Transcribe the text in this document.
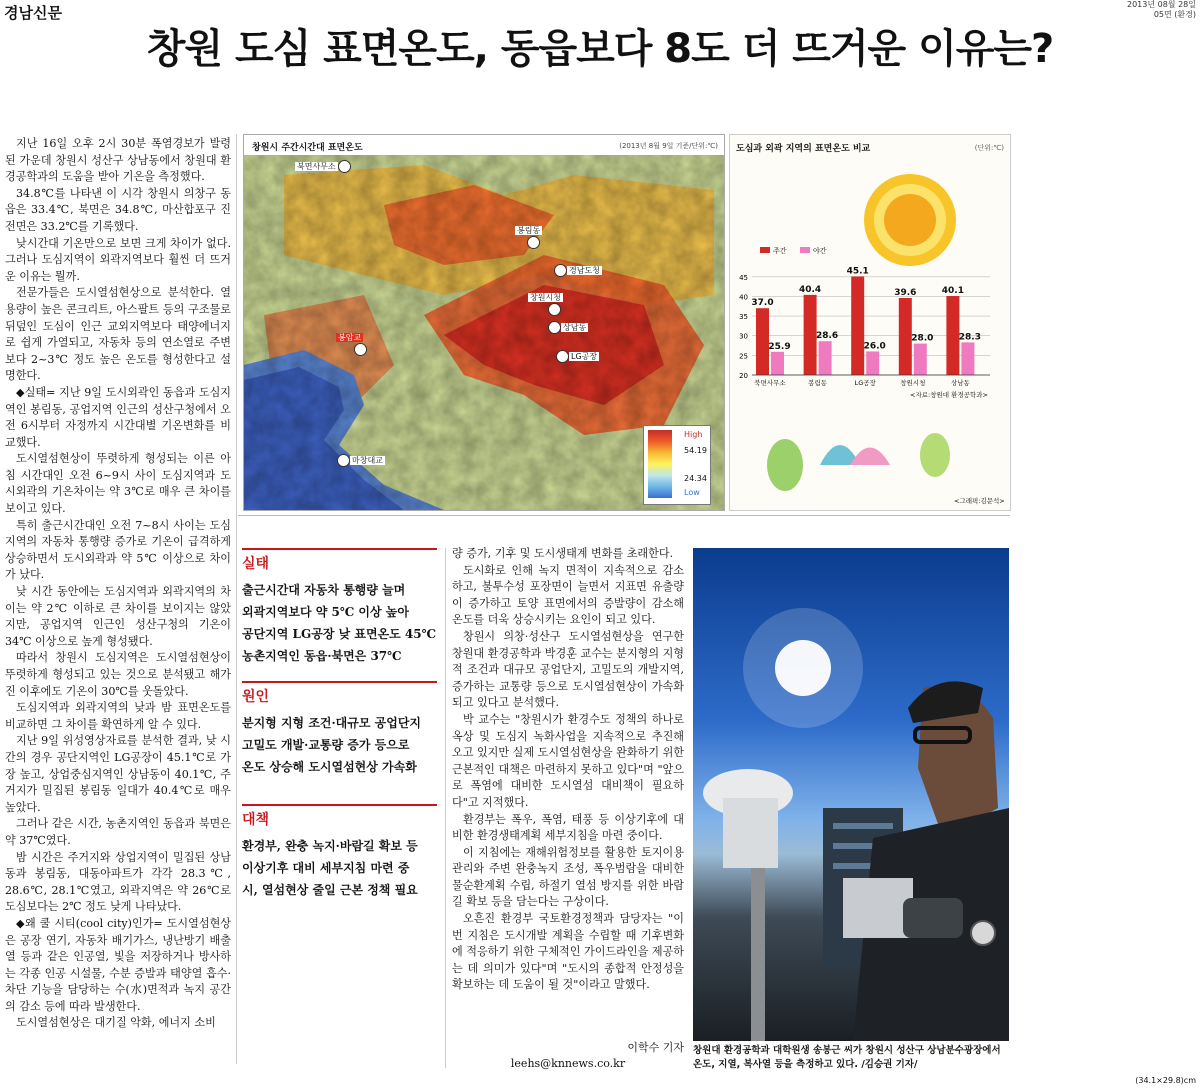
경남신문	2013년 08월 28일
05면 (환경)
창원 도심 표면온도, 동읍보다 8도 더 뜨거운 이유는?

지난 16일 오후 2시 30분 폭염경보가 발령된 가운데 창원시 성산구 상남동에서 창원대 환경공학과의 도움을 받아 기온을 측정했다.

34.8℃를 나타낸 이 시각 창원시 의창구 동읍은 33.4℃, 북면은 34.8℃, 마산합포구 진전면은 33.2℃를 기록했다.

낮시간대 기온만으로 보면 크게 차이가 없다. 그러나 도심지역이 외곽지역보다 훨씬 더 뜨거운 이유는 뭘까.

전문가들은 도시열섬현상으로 분석한다. 열용량이 높은 콘크리트, 아스팔트 등의 구조물로 뒤덮인 도심이 인근 교외지역보다 태양에너지로 쉽게 가열되고, 자동차 등의 연소열로 주변보다 2~3℃ 정도 높은 온도를 형성한다고 설명한다.

◆실태= 지난 9일 도시외곽인 동읍과 도심지역인 봉림동, 공업지역 인근의 성산구청에서 오전 6시부터 자정까지 시간대별 기온변화를 비교했다.

도시열섬현상이 뚜렷하게 형성되는 이른 아침 시간대인 오전 6~9시 사이 도심지역과 도시외곽의 기온차이는 약 3℃로 매우 큰 차이를 보이고 있다.

특히 출근시간대인 오전 7~8시 사이는 도심지역의 자동차 통행량 증가로 기온이 급격하게 상승하면서 도시외곽과 약 5℃ 이상으로 차이가 났다.

낮 시간 동안에는 도심지역과 외곽지역의 차이는 약 2℃ 이하로 큰 차이를 보이지는 않았지만, 공업지역 인근인 성산구청의 기온이 34℃ 이상으로 높게 형성됐다.

따라서 창원시 도심지역은 도시열섬현상이 뚜렷하게 형성되고 있는 것으로 분석됐고 해가 진 이후에도 기온이 30℃를 웃돌았다.

도심지역과 외곽지역의 낮과 밤 표면온도를 비교하면 그 차이를 확연하게 알 수 있다.

지난 9일 위성영상자료를 분석한 결과, 낮 시간의 경우 공단지역인 LG공장이 45.1℃로 가장 높고, 상업중심지역인 상남동이 40.1℃, 주거지가 밀집된 봉림동 일대가 40.4℃로 매우 높았다.

그러나 같은 시간, 농촌지역인 동읍과 북면은 약 37℃였다.

밤 시간은 주거지와 상업지역이 밀집된 상남동과 봉림동, 대동아파트가 각각 28.3℃, 28.6℃, 28.1℃였고, 외곽지역은 약 26℃로 도심보다는 2℃ 정도 낮게 나타났다.

◆왜 쿨 시티(cool city)인가= 도시열섬현상은 공장 연기, 자동차 배기가스, 냉난방기 배출열 등과 같은 인공열, 빛을 저장하거나 방사하는 각종 인공 시설물, 수분 증발과 태양열 흡수·차단 기능을 담당하는 수(水)면적과 녹지 공간의 감소 등에 따라 발생한다.

도시열섬현상은 대기질 악화, 에너지 소비

창원시 주간시간대 표면온도	(2013년 8월 9일 기준/단위:℃)
북면사무소
봉림동

경남도청
창원시청

상남동
LG공장
봉암교

마창대교
High
54.19
24.34
Low
도심과 외곽 지역의 표면온도 비교	(단위:℃)
20
25
30
35
40
45
37.0
25.9
북면사무소
40.4
28.6
봉림동
45.1
26.0
LG공장
39.6
28.0
창원시청
40.1
28.3
상남동
주간	야간
<자료:창원대 환경공학과>
<그래픽:김문석>
실태
출근시간대 자동차 통행량 늘며
외곽지역보다 약 5℃ 이상 높아
공단지역 LG공장 낮 표면온도 45℃
농촌지역인 동읍·북면은 37℃
원인
분지형 지형 조건·대규모 공업단지
고밀도 개발·교통량 증가 등으로
온도 상승해 도시열섬현상 가속화
대책
환경부, 완충 녹지·바람길 확보 등
이상기후 대비 세부지침 마련 중
시, 열섬현상 줄일 근본 정책 필요

량 증가, 기후 및 도시생태계 변화를 초래한다.

도시화로 인해 녹지 면적이 지속적으로 감소하고, 불투수성 포장면이 늘면서 지표면 유출량이 증가하고 토양 표면에서의 증발량이 감소해 온도를 더욱 상승시키는 요인이 되고 있다.

창원시 의창·성산구 도시열섬현상을 연구한 창원대 환경공학과 박경훈 교수는 분지형의 지형적 조건과 대규모 공업단지, 고밀도의 개발지역, 증가하는 교통량 등으로 도시열섬현상이 가속화되고 있다고 분석했다.

박 교수는 "창원시가 환경수도 정책의 하나로 옥상 및 도심지 녹화사업을 지속적으로 추진해 오고 있지만 실제 도시열섬현상을 완화하기 위한 근본적인 대책은 마련하지 못하고 있다"며 "앞으로 폭염에 대비한 도시열섬 대비책이 필요하다"고 지적했다.

환경부는 폭우, 폭염, 태풍 등 이상기후에 대비한 환경생태계획 세부지침을 마련 중이다.

이 지침에는 재해위험정보를 활용한 토지이용관리와 주변 완충녹지 조성, 폭우범람을 대비한 물순환계획 수립, 하절기 열섬 방지를 위한 바람길 확보 등을 담는다는 구상이다.

오흔진 환경부 국토환경정책과 담당자는 "이번 지침은 도시개발 계획을 수립할 때 기후변화에 적응하기 위한 구체적인 가이드라인을 제공하는 데 의미가 있다"며 "도시의 종합적 안정성을 확보하는 데 도움이 될 것"이라고 말했다.

이학수 기자
leehs@knnews.co.kr
창원대 환경공학과 대학원생 송봉근 씨가 창원시 성산구 상남분수광장에서 온도, 지열, 복사열 등을 측정하고 있다. /김승권 기자/
(34.1×29.8)cm
